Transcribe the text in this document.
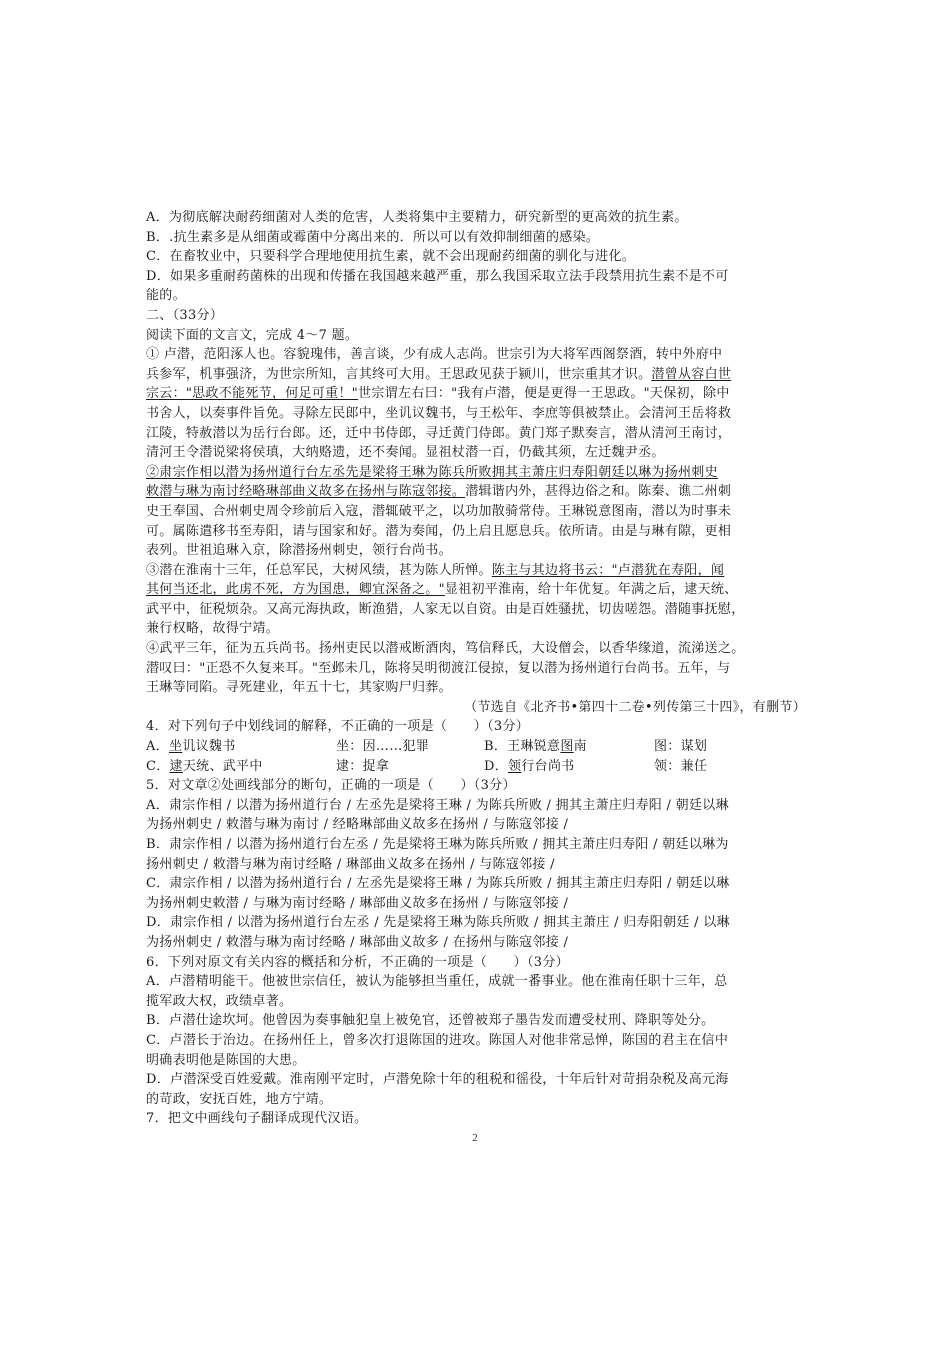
A．为彻底解决耐药细菌对人类的危害，人类将集中主要精力，研究新型的更高效的抗生素。
B．.抗生素多是从细菌或霉菌中分离出来的．所以可以有效抑制细菌的感染。
C．在畜牧业中，只要科学合理地使用抗生素，就不会出现耐药细菌的驯化与进化。
D．如果多重耐药菌株的出现和传播在我国越来越严重，那么我国采取立法手段禁用抗生素不是不可
能的。
二、（33分）
阅读下面的文言文，完成 4～7 题。
① 卢潜，范阳涿人也。容貌瑰伟，善言谈，少有成人志尚。世宗引为大将军西阁祭酒，转中外府中
兵参军，机事强济，为世宗所知，言其终可大用。王思政见获于颍川，世宗重其才识。潜曾从容白世
宗云："思政不能死节，何足可重！"世宗谓左右曰："我有卢潜，便是更得一王思政。"天保初，除中
书舍人，以奏事件旨免。寻除左民郎中，坐讥议魏书，与王松年、李庶等俱被禁止。会清河王岳将救
江陵，特赦潜以为岳行台郎。还，迁中书侍郎，寻迁黄门侍郎。黄门郑子默奏言，潜从清河王南讨，
清河王令潜说梁将侯瑱，大纳赂遗，还不奏闻。显祖杖潜一百，仍截其须，左迁魏尹丞。
②肃宗作相以潜为扬州道行台左丞先是梁将王琳为陈兵所败拥其主萧庄归寿阳朝廷以琳为扬州刺史
敕潜与琳为南讨经略琳部曲义故多在扬州与陈寇邻接。潜辑谐内外，甚得边俗之和。陈秦、谯二州刺
史王奉国、合州刺史周令珍前后入寇，潜辄破平之，以功加散骑常侍。王琳锐意图南，潜以为时事未
可。属陈遣移书至寿阳，请与国家和好。潜为奏闻，仍上启且愿息兵。依所请。由是与琳有隙，更相
表列。世祖追琳入京，除潜扬州刺史，领行台尚书。
③潜在淮南十三年，任总军民，大树风绩，甚为陈人所惮。陈主与其边将书云："卢潜犹在寿阳，闻
其何当还北，此虏不死，方为国患，卿宜深备之。"显祖初平淮南，给十年优复。年满之后，逮天统、
武平中，征税烦杂。又高元海执政，断渔猎，人家无以自资。由是百姓骚扰，切齿嗟怨。潜随事抚慰，
兼行权略，故得宁靖。
④武平三年，征为五兵尚书。扬州吏民以潜戒断酒肉，笃信释氏，大设僧会，以香华缘道，流涕送之。
潜叹曰："正恐不久复来耳。"至邺未几，陈将吴明彻渡江侵掠，复以潜为扬州道行台尚书。五年，与
王琳等同陷。寻死建业，年五十七，其家购尸归葬。
（节选自《北齐书•第四十二卷•列传第三十四》，有删节）
4．对下列句子中划线词的解释，不正确的一项是（　　）（3分）
A．坐讥议魏书	坐：因……犯罪	B．王琳锐意图南	图：谋划
C．逮天统、武平中	逮：捉拿	D．领行台尚书	领：兼任
5．对文章②处画线部分的断句，正确的一项是（　　）（3分）
A．肃宗作相 / 以潜为扬州道行台 / 左丞先是梁将王琳 / 为陈兵所败 / 拥其主萧庄归寿阳 / 朝廷以琳
为扬州刺史 / 敕潜与琳为南讨 / 经略琳部曲义故多在扬州 / 与陈寇邻接 /
B．肃宗作相 / 以潜为扬州道行台左丞 / 先是梁将王琳为陈兵所败 / 拥其主萧庄归寿阳 / 朝廷以琳为
扬州刺史 / 敕潜与琳为南讨经略 / 琳部曲义故多在扬州 / 与陈寇邻接 /
C．肃宗作相 / 以潜为扬州道行台 / 左丞先是梁将王琳 / 为陈兵所败 / 拥其主萧庄归寿阳 / 朝廷以琳
为扬州刺史敕潜 / 与琳为南讨经略 / 琳部曲义故多在扬州 / 与陈寇邻接 /
D．肃宗作相 / 以潜为扬州道行台左丞 / 先是梁将王琳为陈兵所败 / 拥其主萧庄 / 归寿阳朝廷 / 以琳
为扬州刺史 / 敕潜与琳为南讨经略 / 琳部曲义故多 / 在扬州与陈寇邻接 /
6．下列对原文有关内容的概括和分析，不正确的一项是（　　）（3分）
A．卢潜精明能干。他被世宗信任，被认为能够担当重任，成就一番事业。他在淮南任职十三年，总
揽军政大权，政绩卓著。
B．卢潜仕途坎坷。他曾因为奏事触犯皇上被免官，还曾被郑子墨告发而遭受杖刑、降职等处分。
C．卢潜长于治边。在扬州任上，曾多次打退陈国的进攻。陈国人对他非常忌惮，陈国的君主在信中
明确表明他是陈国的大患。
D．卢潜深受百姓爱戴。淮南刚平定时，卢潜免除十年的租税和徭役，十年后针对苛捐杂税及高元海
的苛政，安抚百姓，地方宁靖。
7．把文中画线句子翻译成现代汉语。
2
